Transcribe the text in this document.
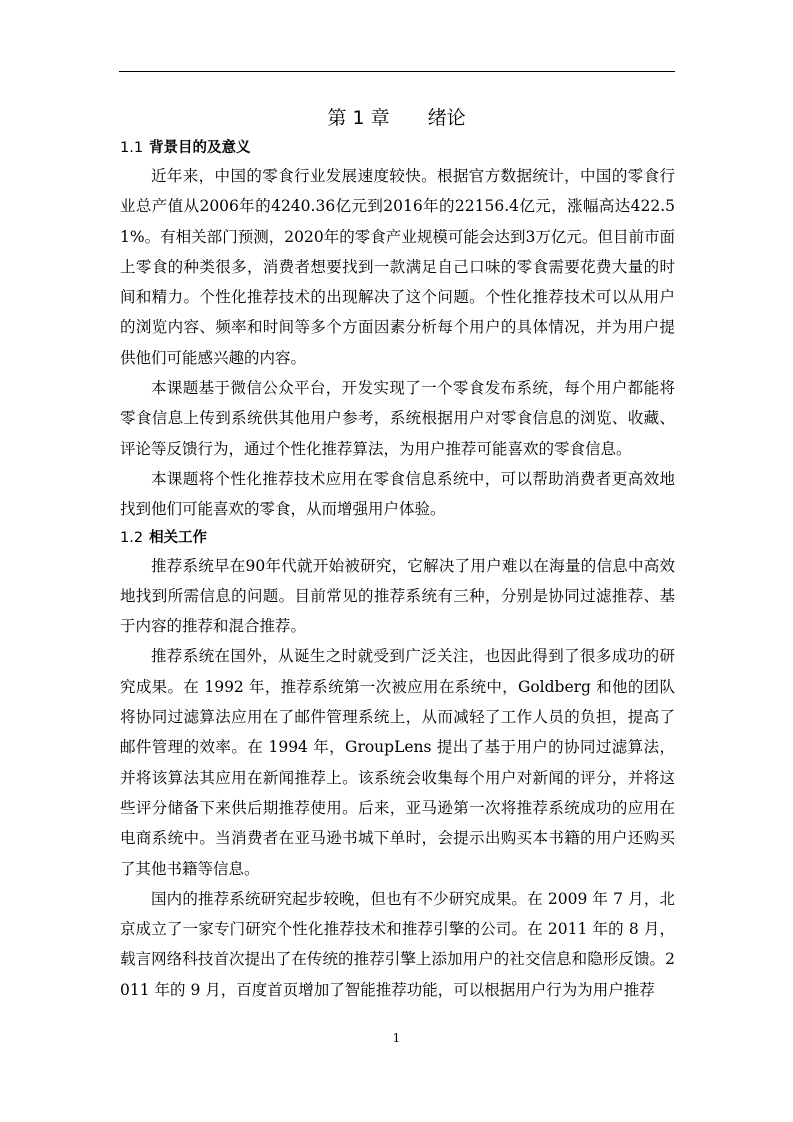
第 1 章 绪论
1.1 背景目的及意义

近年来，中国的零食行业发展速度较快。根据官方数据统计，中国的零食行业总产值从2006年的4240.36亿元到2016年的22156.4亿元，涨幅高达422.51%。有相关部门预测，2020年的零食产业规模可能会达到3万亿元。但目前市面上零食的种类很多，消费者想要找到一款满足自己口味的零食需要花费大量的时间和精力。个性化推荐技术的出现解决了这个问题。个性化推荐技术可以从用户的浏览内容、频率和时间等多个方面因素分析每个用户的具体情况，并为用户提供他们可能感兴趣的内容。

本课题基于微信公众平台，开发实现了一个零食发布系统，每个用户都能将零食信息上传到系统供其他用户参考，系统根据用户对零食信息的浏览、收藏、评论等反馈行为，通过个性化推荐算法，为用户推荐可能喜欢的零食信息。

本课题将个性化推荐技术应用在零食信息系统中，可以帮助消费者更高效地找到他们可能喜欢的零食，从而增强用户体验。

1.2 相关工作

推荐系统早在90年代就开始被研究，它解决了用户难以在海量的信息中高效地找到所需信息的问题。目前常见的推荐系统有三种，分别是协同过滤推荐、基于内容的推荐和混合推荐。

推荐系统在国外，从诞生之时就受到广泛关注，也因此得到了很多成功的研究成果。在 1992 年，推荐系统第一次被应用在系统中，Goldberg 和他的团队将协同过滤算法应用在了邮件管理系统上，从而减轻了工作人员的负担，提高了邮件管理的效率。在 1994 年，GroupLens 提出了基于用户的协同过滤算法，并将该算法其应用在新闻推荐上。该系统会收集每个用户对新闻的评分，并将这些评分储备下来供后期推荐使用。后来，亚马逊第一次将推荐系统成功的应用在电商系统中。当消费者在亚马逊书城下单时，会提示出购买本书籍的用户还购买了其他书籍等信息。

国内的推荐系统研究起步较晚，但也有不少研究成果。在 2009 年 7 月，北京成立了一家专门研究个性化推荐技术和推荐引擎的公司。在 2011 年的 8 月，载言网络科技首次提出了在传统的推荐引擎上添加用户的社交信息和隐形反馈。2011 年的 9 月，百度首页增加了智能推荐功能，可以根据用户行为为用户推荐

1
